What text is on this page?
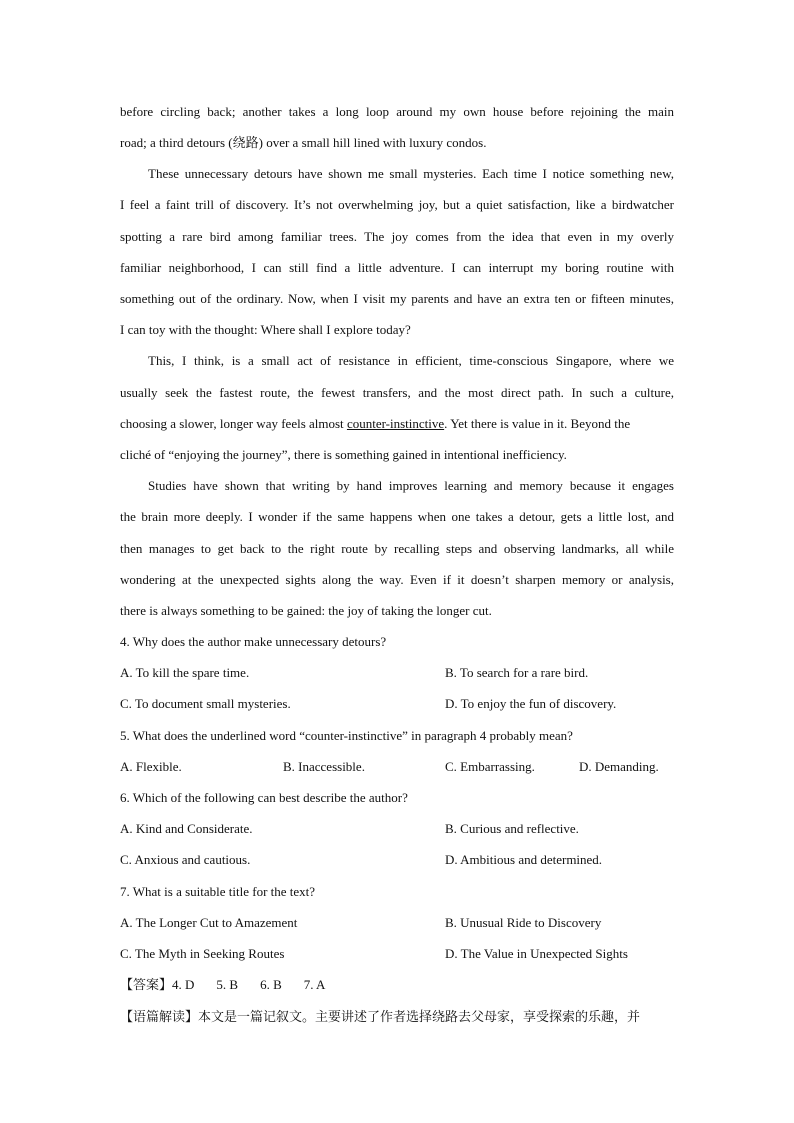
before circling back; another takes a long loop around my own house before rejoining the main
road; a third detours (绕路) over a small hill lined with luxury condos.
These unnecessary detours have shown me small mysteries. Each time I notice something new,
I feel a faint trill of discovery. It’s not overwhelming joy, but a quiet satisfaction, like a birdwatcher
spotting a rare bird among familiar trees. The joy comes from the idea that even in my overly
familiar neighborhood, I can still find a little adventure. I can interrupt my boring routine with
something out of the ordinary. Now, when I visit my parents and have an extra ten or fifteen minutes,
I can toy with the thought: Where shall I explore today?
This, I think, is a small act of resistance in efficient, time-conscious Singapore, where we
usually seek the fastest route, the fewest transfers, and the most direct path. In such a culture,
choosing a slower, longer way feels almost counter-instinctive. Yet there is value in it. Beyond the
cliché of “enjoying the journey”, there is something gained in intentional inefficiency.
Studies have shown that writing by hand improves learning and memory because it engages
the brain more deeply. I wonder if the same happens when one takes a detour, gets a little lost, and
then manages to get back to the right route by recalling steps and observing landmarks, all while
wondering at the unexpected sights along the way. Even if it doesn’t sharpen memory or analysis,
there is always something to be gained: the joy of taking the longer cut.
4. Why does the author make unnecessary detours?
A. To kill the spare time.	B. To search for a rare bird.
C. To document small mysteries.	D. To enjoy the fun of discovery.
5. What does the underlined word “counter-instinctive” in paragraph 4 probably mean?
A. Flexible.	B. Inaccessible.	C. Embarrassing.	D. Demanding.
6. Which of the following can best describe the author?
A. Kind and Considerate.	B. Curious and reflective.
C. Anxious and cautious.	D. Ambitious and determined.
7. What is a suitable title for the text?
A. The Longer Cut to Amazement	B. Unusual Ride to Discovery
C. The Myth in Seeking Routes	D. The Value in Unexpected Sights
【答案】4. D 5. B 6. B 7. A
【语篇解读】本文是一篇记叙文。主要讲述了作者选择绕路去父母家，享受探索的乐趣，并
